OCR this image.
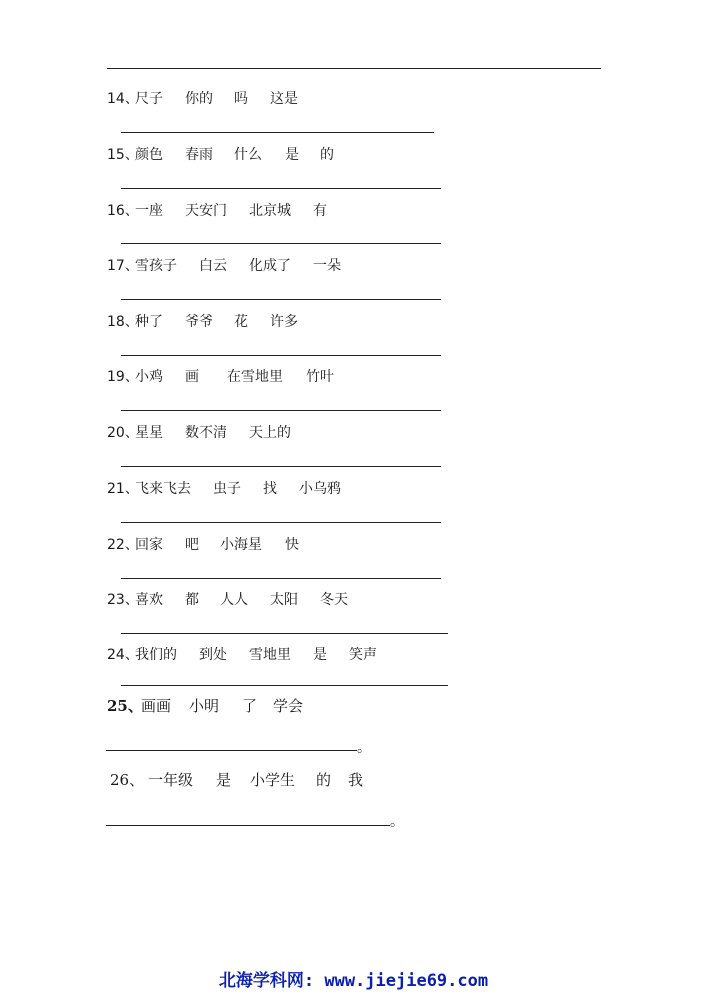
14、
尺子 你的 吗 这是
15、
颜色 春雨 什么 是 的
16、
一座 天安门 北京城 有
17、
雪孩子 白云 化成了 一朵
18、
种了 爷爷 花 许多
19、
小鸡 画 在雪地里 竹叶
20、
星星 数不清 天上的
21、
飞来飞去 虫子 找 小乌鸦
22、
回家 吧 小海星 快
23、
喜欢 都 人人 太阳 冬天
24、
我们的 到处 雪地里 是 笑声
25、
画画 小明 了 学会
。
26、 一年级 是 小学生 的 我
。
北海学科网: www.jiejie69.com
